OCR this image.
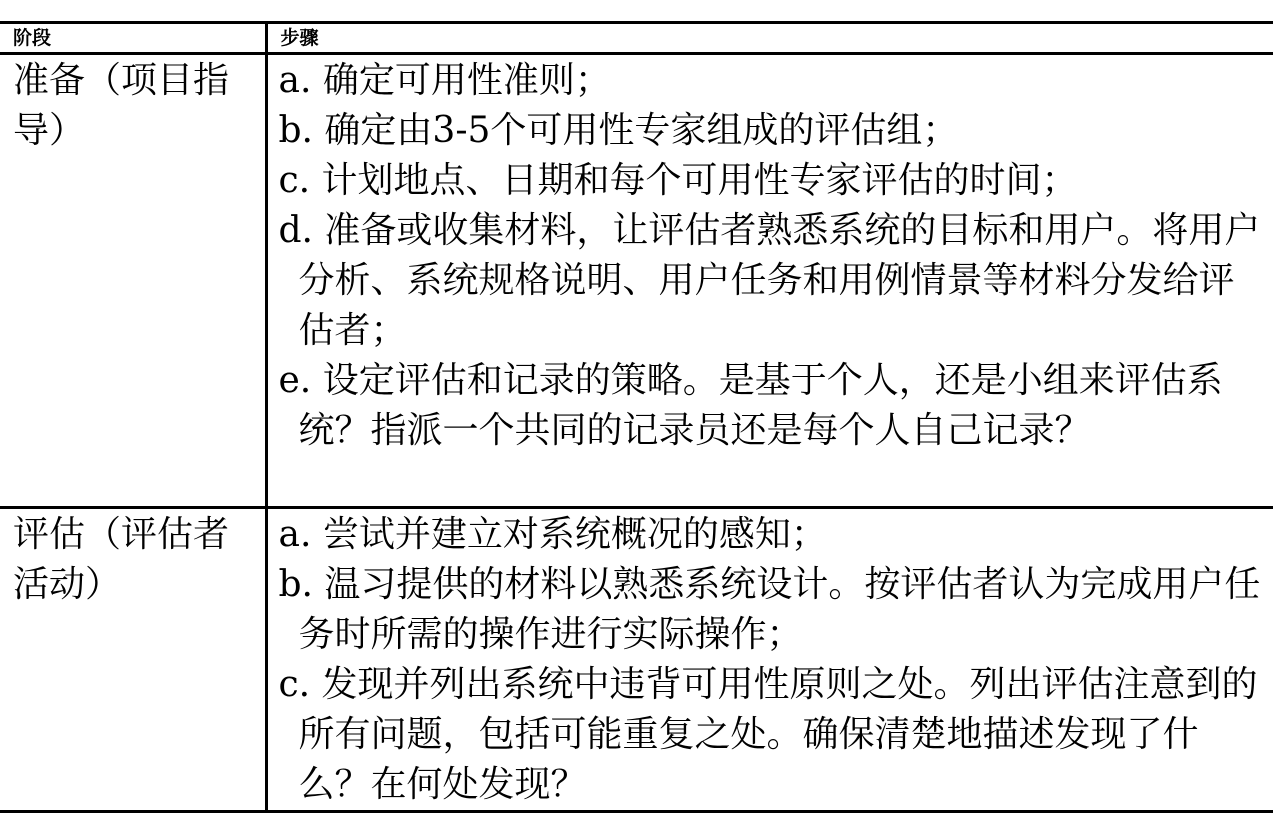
阶段	步骤
准备（项目指导）	a. 确定可用性准则；

b. 确定由3-5个可用性专家组成的评估组；

c. 计划地点、日期和每个可用性专家评估的时间；

d. 准备或收集材料，让评估者熟悉系统的目标和用户。将用户分析、系统规格说明、用户任务和用例情景等材料分发给评估者；

e. 设定评估和记录的策略。是基于个人，还是小组来评估系统？指派一个共同的记录员还是每个人自己记录？

评估（评估者活动）	a. 尝试并建立对系统概况的感知；

b. 温习提供的材料以熟悉系统设计。按评估者认为完成用户任务时所需的操作进行实际操作；

c. 发现并列出系统中违背可用性原则之处。列出评估注意到的所有问题，包括可能重复之处。确保清楚地描述发现了什么？在何处发现？
